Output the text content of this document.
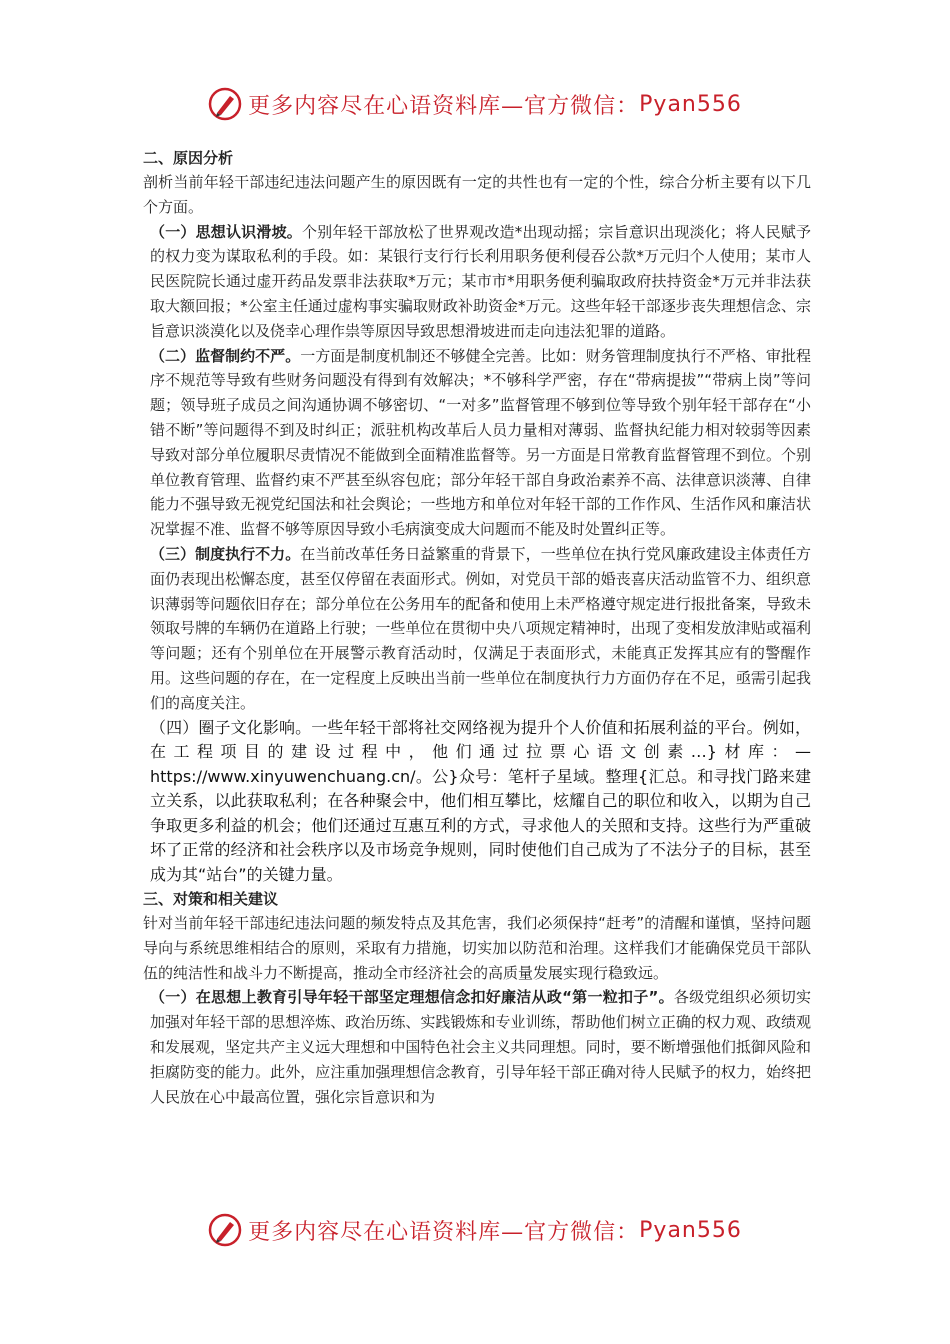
更多内容尽在心语资料库—官方微信： Pyan556

二、原因分析

剖析当前年轻干部违纪违法问题产生的原因既有一定的共性也有一定的个性，综合分析主要有以下几个方面。

（一）思想认识滑坡。个别年轻干部放松了世界观改造*出现动摇；宗旨意识出现淡化；将人民赋予的权力变为谋取私利的手段。如：某银行支行行长利用职务便利侵吞公款*万元归个人使用；某市人民医院院长通过虚开药品发票非法获取*万元；某市市*用职务便利骗取政府扶持资金*万元并非法获取大额回报；*公室主任通过虚构事实骗取财政补助资金*万元。这些年轻干部逐步丧失理想信念、宗旨意识淡漠化以及侥幸心理作祟等原因导致思想滑坡进而走向违法犯罪的道路。

（二）监督制约不严。一方面是制度机制还不够健全完善。比如：财务管理制度执行不严格、审批程序不规范等导致有些财务问题没有得到有效解决；*不够科学严密，存在“带病提拔”“带病上岗”等问题；领导班子成员之间沟通协调不够密切、“一对多”监督管理不够到位等导致个别年轻干部存在“小错不断”等问题得不到及时纠正；派驻机构改革后人员力量相对薄弱、监督执纪能力相对较弱等因素导致对部分单位履职尽责情况不能做到全面精准监督等。另一方面是日常教育监督管理不到位。个别单位教育管理、监督约束不严甚至纵容包庇；部分年轻干部自身政治素养不高、法律意识淡薄、自律能力不强导致无视党纪国法和社会舆论；一些地方和单位对年轻干部的工作作风、生活作风和廉洁状况掌握不准、监督不够等原因导致小毛病演变成大问题而不能及时处置纠正等。

（三）制度执行不力。在当前改革任务日益繁重的背景下，一些单位在执行党风廉政建设主体责任方面仍表现出松懈态度，甚至仅停留在表面形式。例如，对党员干部的婚丧喜庆活动监管不力、组织意识薄弱等问题依旧存在；部分单位在公务用车的配备和使用上未严格遵守规定进行报批备案，导致未领取号牌的车辆仍在道路上行驶；一些单位在贯彻中央八项规定精神时，出现了变相发放津贴或福利等问题；还有个别单位在开展警示教育活动时，仅满足于表面形式，未能真正发挥其应有的警醒作用。这些问题的存在，在一定程度上反映出当前一些单位在制度执行力方面仍存在不足，亟需引起我们的高度关注。

（四）圈子文化影响。一些年轻干部将社交网络视为提升个人价值和拓展利益的平台。例如，在工程项目的建设过程中，他们通过拉票心语文创素…}材库：—https://www.xinyuwenchuang.cn/。公}众号：笔杆子星域。整理{汇总。和寻找门路来建立关系，以此获取私利；在各种聚会中，他们相互攀比，炫耀自己的职位和收入，以期为自己争取更多利益的机会；他们还通过互惠互利的方式，寻求他人的关照和支持。这些行为严重破坏了正常的经济和社会秩序以及市场竞争规则，同时使他们自己成为了不法分子的目标，甚至成为其“站台”的关键力量。

三、对策和相关建议

针对当前年轻干部违纪违法问题的频发特点及其危害，我们必须保持“赶考”的清醒和谨慎，坚持问题导向与系统思维相结合的原则，采取有力措施，切实加以防范和治理。这样我们才能确保党员干部队伍的纯洁性和战斗力不断提高，推动全市经济社会的高质量发展实现行稳致远。

（一）在思想上教育引导年轻干部坚定理想信念扣好廉洁从政“第一粒扣子”。各级党组织必须切实加强对年轻干部的思想淬炼、政治历练、实践锻炼和专业训练，帮助他们树立正确的权力观、政绩观和发展观，坚定共产主义远大理想和中国特色社会主义共同理想。同时，要不断增强他们抵御风险和拒腐防变的能力。此外，应注重加强理想信念教育，引导年轻干部正确对待人民赋予的权力，始终把人民放在心中最高位置，强化宗旨意识和为

更多内容尽在心语资料库—官方微信： Pyan556
